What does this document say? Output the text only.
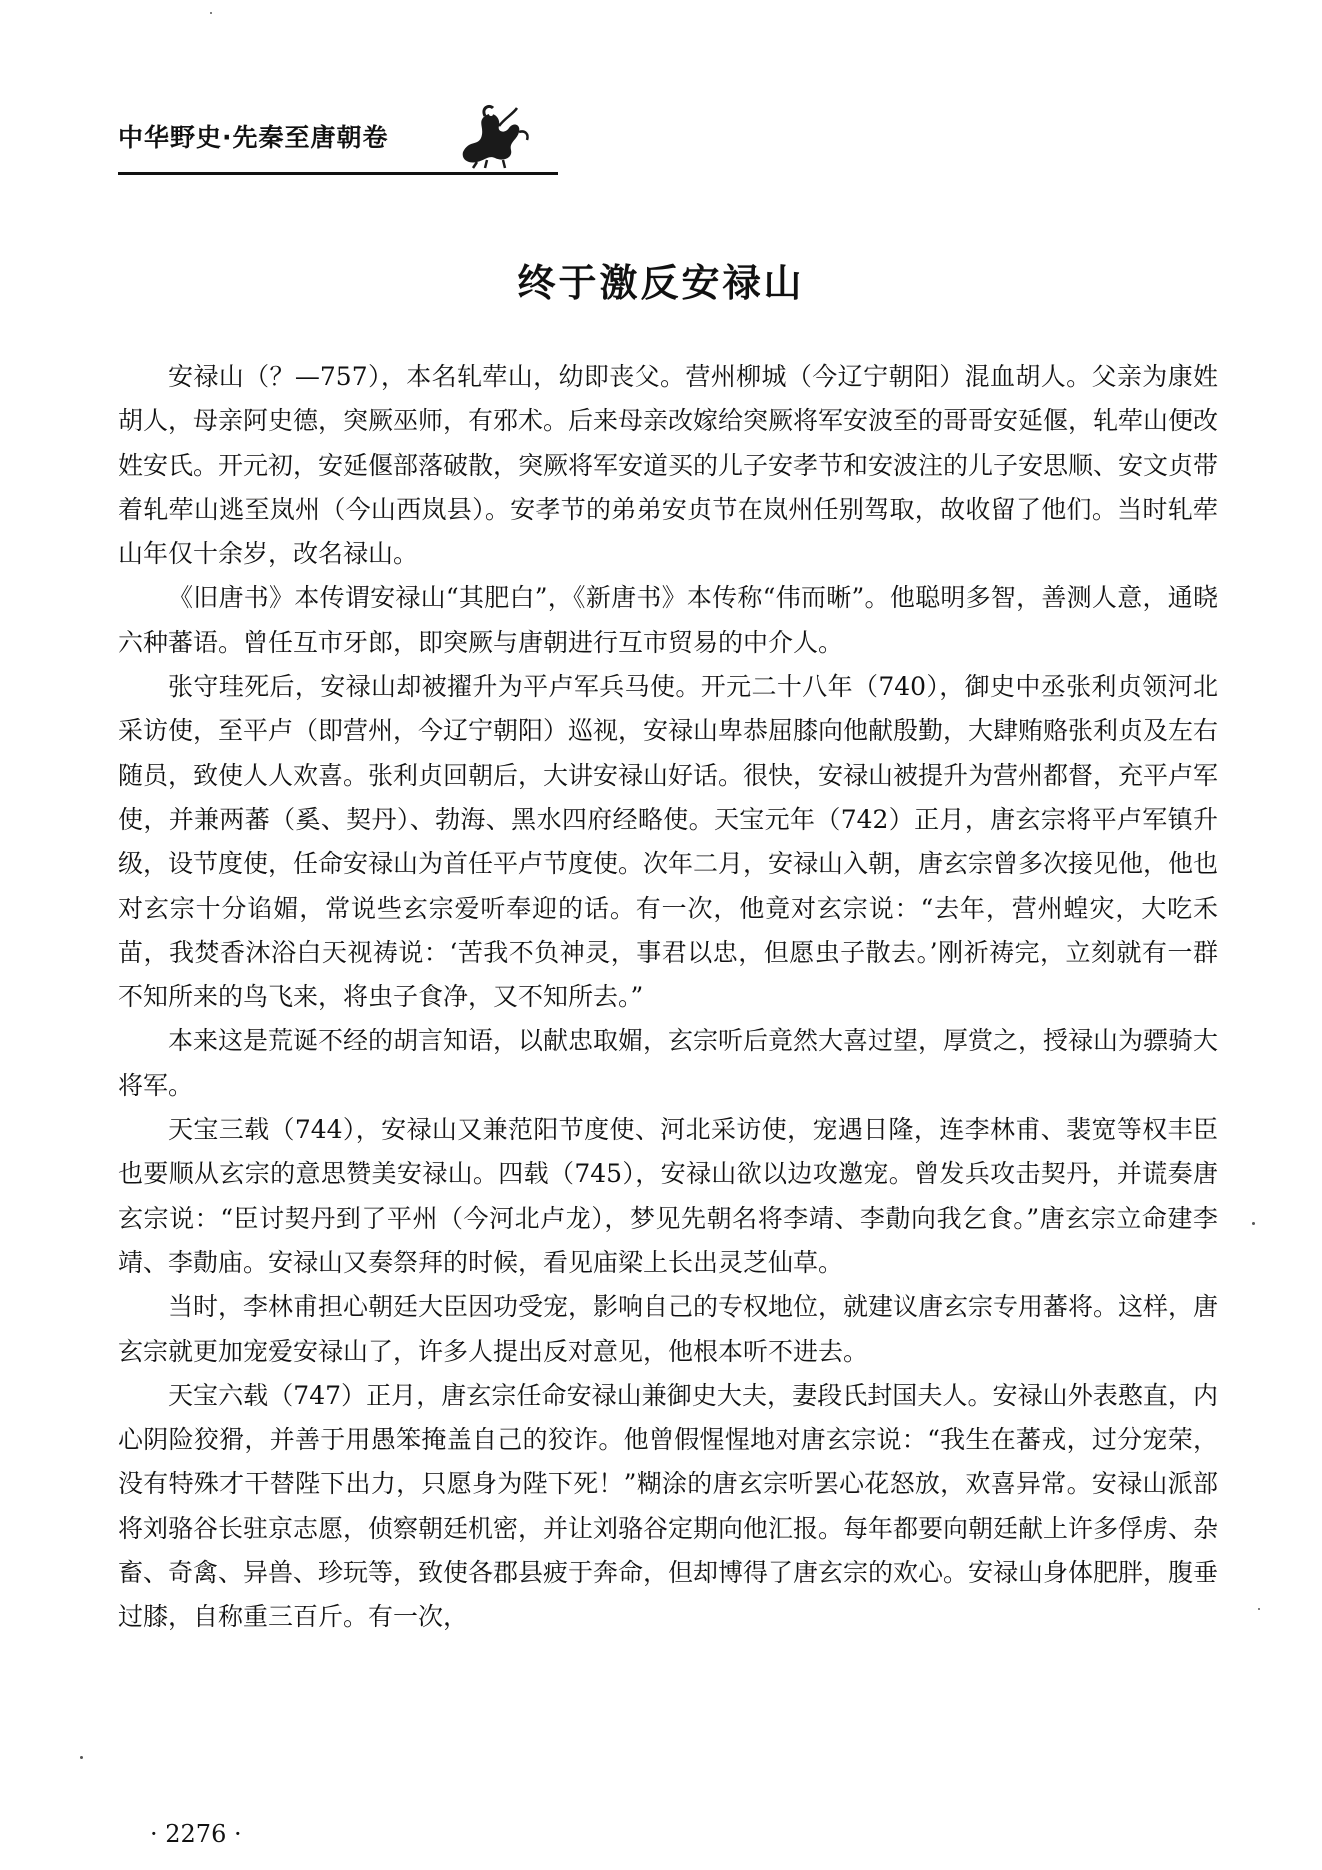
中华野史·先秦至唐朝卷
终于激反安禄山

安禄山（？—757），本名轧荦山，幼即丧父。营州柳城（今辽宁朝阳）混血胡人。父亲为康姓胡人，母亲阿史德，突厥巫师，有邪术。后来母亲改嫁给突厥将军安波至的哥哥安延偃，轧荦山便改姓安氏。开元初，安延偃部落破散，突厥将军安道买的儿子安孝节和安波注的儿子安思顺、安文贞带着轧荦山逃至岚州（今山西岚县）。安孝节的弟弟安贞节在岚州任别驾取，故收留了他们。当时轧荦山年仅十余岁，改名禄山。

《旧唐书》本传谓安禄山“其肥白”，《新唐书》本传称“伟而晰”。他聪明多智，善测人意，通晓六种蕃语。曾任互市牙郎，即突厥与唐朝进行互市贸易的中介人。

张守珪死后，安禄山却被擢升为平卢军兵马使。开元二十八年（740），御史中丞张利贞领河北采访使，至平卢（即营州，今辽宁朝阳）巡视，安禄山卑恭屈膝向他献殷勤，大肆贿赂张利贞及左右随员，致使人人欢喜。张利贞回朝后，大讲安禄山好话。很快，安禄山被提升为营州都督，充平卢军使，并兼两蕃（奚、契丹）、勃海、黑水四府经略使。天宝元年（742）正月，唐玄宗将平卢军镇升级，设节度使，任命安禄山为首任平卢节度使。次年二月，安禄山入朝，唐玄宗曾多次接见他，他也对玄宗十分谄媚，常说些玄宗爱听奉迎的话。有一次，他竟对玄宗说：“去年，营州蝗灾，大吃禾苗，我焚香沐浴白天视祷说：‘苦我不负神灵，事君以忠，但愿虫子散去。’刚祈祷完，立刻就有一群不知所来的鸟飞来，将虫子食净，又不知所去。”

本来这是荒诞不经的胡言知语，以献忠取媚，玄宗听后竟然大喜过望，厚赏之，授禄山为骠骑大将军。

天宝三载（744），安禄山又兼范阳节度使、河北采访使，宠遇日隆，连李林甫、裴宽等权丰臣也要顺从玄宗的意思赞美安禄山。四载（745），安禄山欲以边攻邀宠。曾发兵攻击契丹，并谎奏唐玄宗说：“臣讨契丹到了平州（今河北卢龙），梦见先朝名将李靖、李勣向我乞食。”唐玄宗立命建李靖、李勣庙。安禄山又奏祭拜的时候，看见庙梁上长出灵芝仙草。

当时，李林甫担心朝廷大臣因功受宠，影响自己的专权地位，就建议唐玄宗专用蕃将。这样，唐玄宗就更加宠爱安禄山了，许多人提出反对意见，他根本听不进去。

天宝六载（747）正月，唐玄宗任命安禄山兼御史大夫，妻段氏封国夫人。安禄山外表憨直，内心阴险狡猾，并善于用愚笨掩盖自己的狡诈。他曾假惺惺地对唐玄宗说：“我生在蕃戎，过分宠荣，没有特殊才干替陛下出力，只愿身为陛下死！”糊涂的唐玄宗听罢心花怒放，欢喜异常。安禄山派部将刘骆谷长驻京志愿，侦察朝廷机密，并让刘骆谷定期向他汇报。每年都要向朝廷献上许多俘虏、杂畜、奇禽、异兽、珍玩等，致使各郡县疲于奔命，但却博得了唐玄宗的欢心。安禄山身体肥胖，腹垂过膝，自称重三百斤。有一次，

· 2276 ·
